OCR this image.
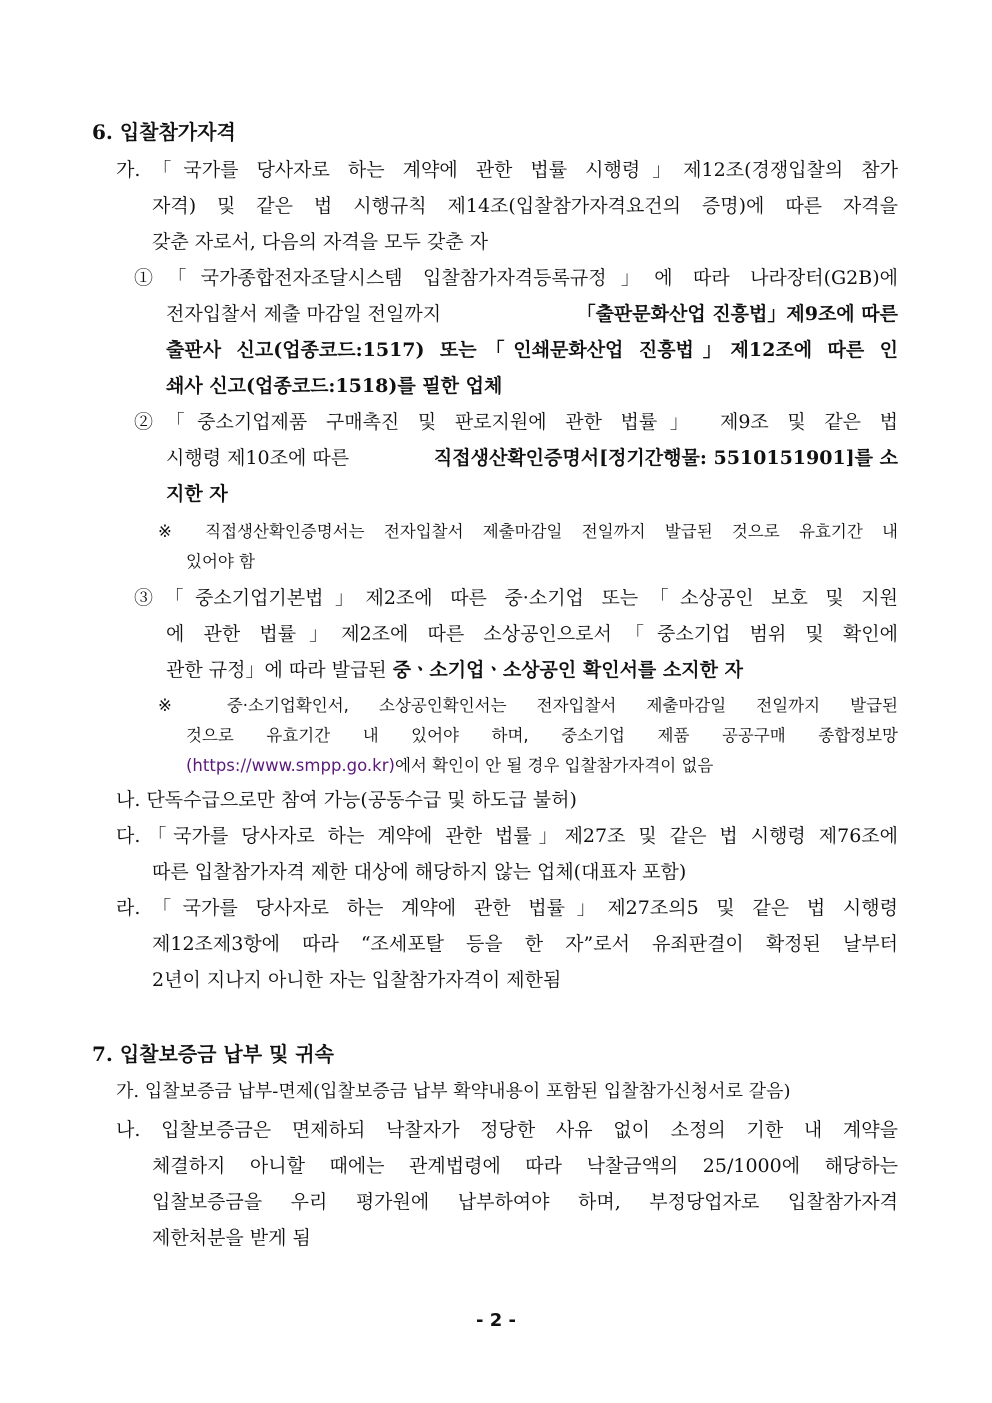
6. 입찰참가자격
가.「국가를 당사자로 하는 계약에 관한 법률 시행령」제12조(경쟁입찰의 참가
자격) 및 같은 법 시행규칙 제14조(입찰참가자격요건의 증명)에 따른 자격을
갖춘 자로서, 다음의 자격을 모두 갖춘 자
①「국가종합전자조달시스템 입찰참가자격등록규정」에 따라 나라장터(G2B)에
전자입찰서 제출 마감일 전일까지	「출판문화산업 진흥법」제9조에 따른
출판사 신고(업종코드:1517) 또는「인쇄문화산업 진흥법」제12조에 따른 인
쇄사 신고(업종코드:1518)를 필한 업체
②「중소기업제품 구매촉진 및 판로지원에 관한 법률」 제9조 및 같은 법
시행령 제10조에 따른	직접생산확인증명서[정기간행물: 5510151901]를 소
지한 자
※ 직접생산확인증명서는 전자입찰서 제출마감일 전일까지 발급된 것으로 유효기간 내
있어야 함
③「중소기업기본법」제2조에 따른 중·소기업 또는「소상공인 보호 및 지원
에 관한 법률」제2조에 따른 소상공인으로서「중소기업 범위 및 확인에
관한 규정」에 따라 발급된 중ㆍ소기업ㆍ소상공인 확인서를 소지한 자
※ 중·소기업확인서, 소상공인확인서는 전자입찰서 제출마감일 전일까지 발급된
것으로 유효기간 내 있어야 하며, 중소기업 제품 공공구매 종합정보망
(https://www.smpp.go.kr)에서 확인이 안 될 경우 입찰참가자격이 없음
나. 단독수급으로만 참여 가능(공동수급 및 하도급 불허)
다.「국가를 당사자로 하는 계약에 관한 법률」제27조 및 같은 법 시행령 제76조에
따른 입찰참가자격 제한 대상에 해당하지 않는 업체(대표자 포함)
라.「국가를 당사자로 하는 계약에 관한 법률」제27조의5 및 같은 법 시행령
제12조제3항에 따라 “조세포탈 등을 한 자”로서 유죄판결이 확정된 날부터
2년이 지나지 아니한 자는 입찰참가자격이 제한됨
7. 입찰보증금 납부 및 귀속
가. 입찰보증금 납부-면제(입찰보증금 납부 확약내용이 포함된 입찰참가신청서로 갈음)
나. 입찰보증금은 면제하되 낙찰자가 정당한 사유 없이 소정의 기한 내 계약을
체결하지 아니할 때에는 관계법령에 따라 낙찰금액의 25/1000에 해당하는
입찰보증금을 우리 평가원에 납부하여야 하며, 부정당업자로 입찰참가자격
제한처분을 받게 됨
- 2 -
